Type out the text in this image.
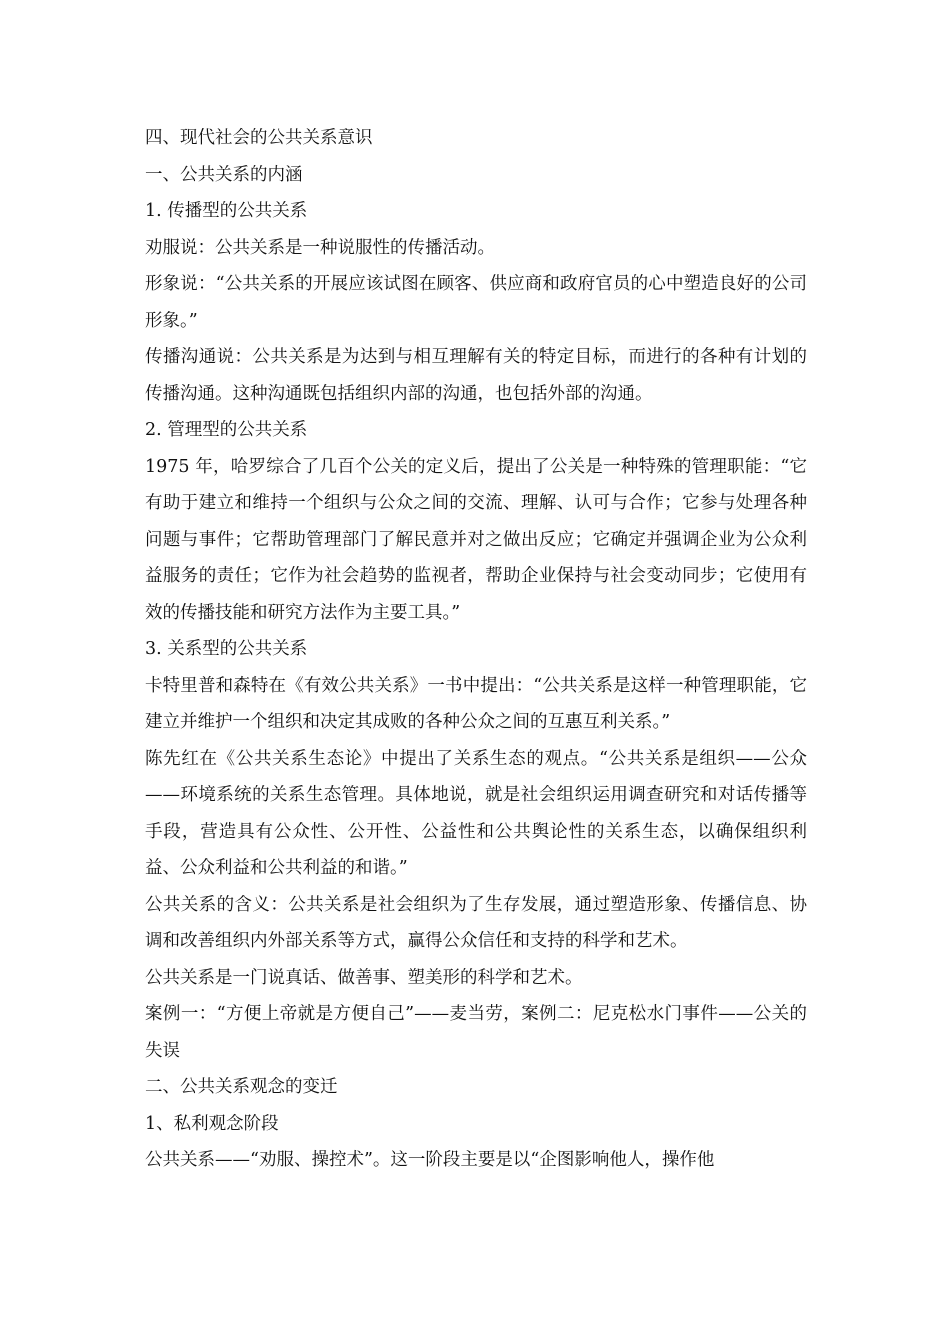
四、现代社会的公共关系意识

一、公共关系的内涵

1. 传播型的公共关系

劝服说：公共关系是一种说服性的传播活动。

形象说：“公共关系的开展应该试图在顾客、供应商和政府官员的心中塑造良好的公司形象。”

传播沟通说：公共关系是为达到与相互理解有关的特定目标，而进行的各种有计划的传播沟通。这种沟通既包括组织内部的沟通，也包括外部的沟通。

2. 管理型的公共关系

1975 年，哈罗综合了几百个公关的定义后，提出了公关是一种特殊的管理职能：“它有助于建立和维持一个组织与公众之间的交流、理解、认可与合作；它参与处理各种问题与事件；它帮助管理部门了解民意并对之做出反应；它确定并强调企业为公众利益服务的责任；它作为社会趋势的监视者，帮助企业保持与社会变动同步；它使用有效的传播技能和研究方法作为主要工具。”

3. 关系型的公共关系

卡特里普和森特在《有效公共关系》一书中提出：“公共关系是这样一种管理职能，它建立并维护一个组织和决定其成败的各种公众之间的互惠互利关系。”

陈先红在《公共关系生态论》中提出了关系生态的观点。“公共关系是组织——公众——环境系统的关系生态管理。具体地说，就是社会组织运用调查研究和对话传播等手段，营造具有公众性、公开性、公益性和公共舆论性的关系生态，以确保组织利益、公众利益和公共利益的和谐。”

公共关系的含义：公共关系是社会组织为了生存发展，通过塑造形象、传播信息、协调和改善组织内外部关系等方式，赢得公众信任和支持的科学和艺术。

公共关系是一门说真话、做善事、塑美形的科学和艺术。

案例一：“方便上帝就是方便自己”——麦当劳，案例二：尼克松水门事件——公关的失误

二、公共关系观念的变迁

1、私利观念阶段

公共关系——“劝服、操控术”。这一阶段主要是以“企图影响他人，操作他
